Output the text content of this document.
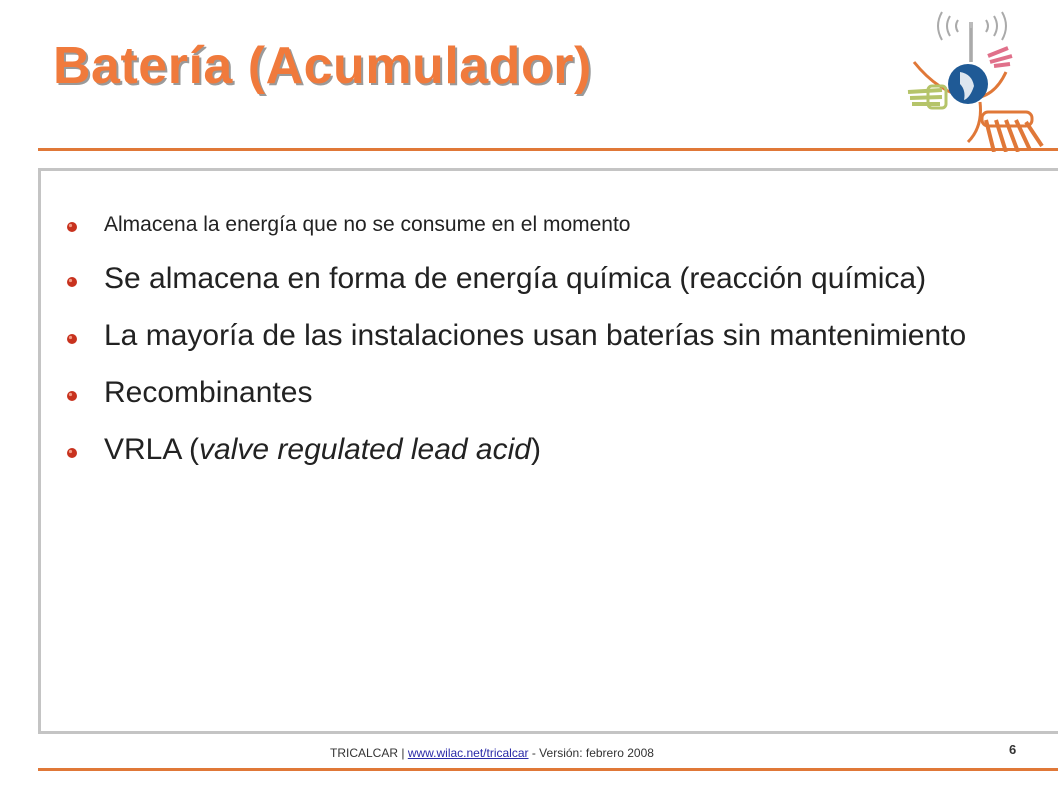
Batería (Acumulador)
Almacena la energía que no se consume en el momento
Se almacena en forma de energía química (reacción química)
La mayoría de las instalaciones usan baterías sin mantenimiento
Recombinantes
VRLA (valve regulated lead acid)
TRICALCAR | www.wilac.net/tricalcar - Versión: febrero 2008	6
